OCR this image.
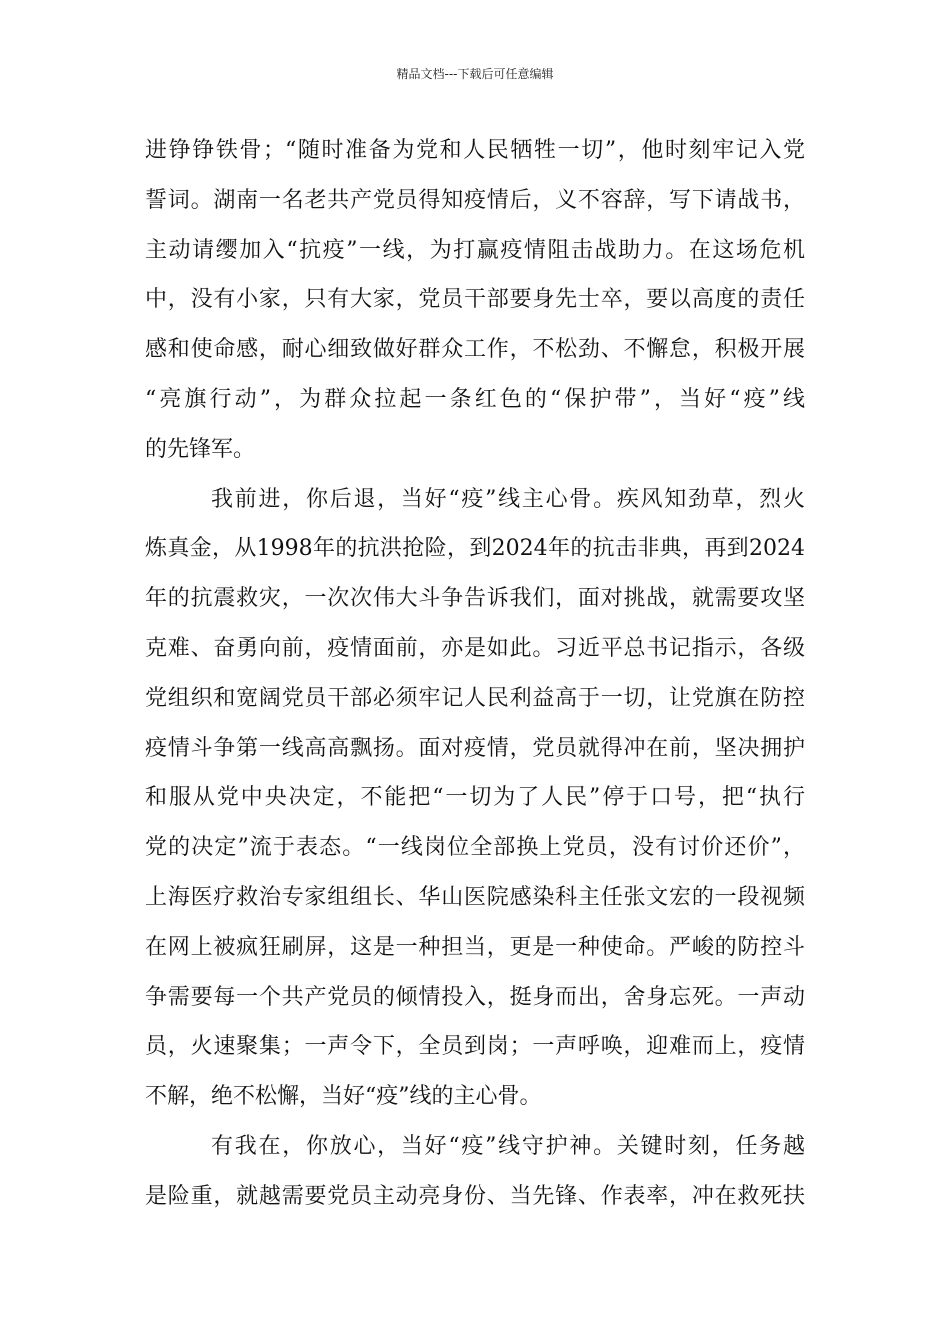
精品文档---下载后可任意编辑
进铮铮铁骨；“随时准备为党和人民牺牲一切”，他时刻牢记入党
誓词。湖南一名老共产党员得知疫情后，义不容辞，写下请战书，
主动请缨加入“抗疫”一线，为打赢疫情阻击战助力。在这场危机
中，没有小家，只有大家，党员干部要身先士卒，要以高度的责任
感和使命感，耐心细致做好群众工作，不松劲、不懈怠，积极开展
“亮旗行动”，为群众拉起一条红色的“保护带”，当好“疫”线
的先锋军。
我前进，你后退，当好“疫”线主心骨。疾风知劲草，烈火
炼真金，从1998年的抗洪抢险，到2024年的抗击非典，再到2024
年的抗震救灾，一次次伟大斗争告诉我们，面对挑战，就需要攻坚
克难、奋勇向前，疫情面前，亦是如此。习近平总书记指示，各级
党组织和宽阔党员干部必须牢记人民利益高于一切，让党旗在防控
疫情斗争第一线高高飘扬。面对疫情，党员就得冲在前，坚决拥护
和服从党中央决定，不能把“一切为了人民”停于口号，把“执行
党的决定”流于表态。“一线岗位全部换上党员，没有讨价还价”，
上海医疗救治专家组组长、华山医院感染科主任张文宏的一段视频
在网上被疯狂刷屏，这是一种担当，更是一种使命。严峻的防控斗
争需要每一个共产党员的倾情投入，挺身而出，舍身忘死。一声动
员，火速聚集；一声令下，全员到岗；一声呼唤，迎难而上，疫情
不解，绝不松懈，当好“疫”线的主心骨。
有我在，你放心，当好“疫”线守护神。关键时刻，任务越
是险重，就越需要党员主动亮身份、当先锋、作表率，冲在救死扶
